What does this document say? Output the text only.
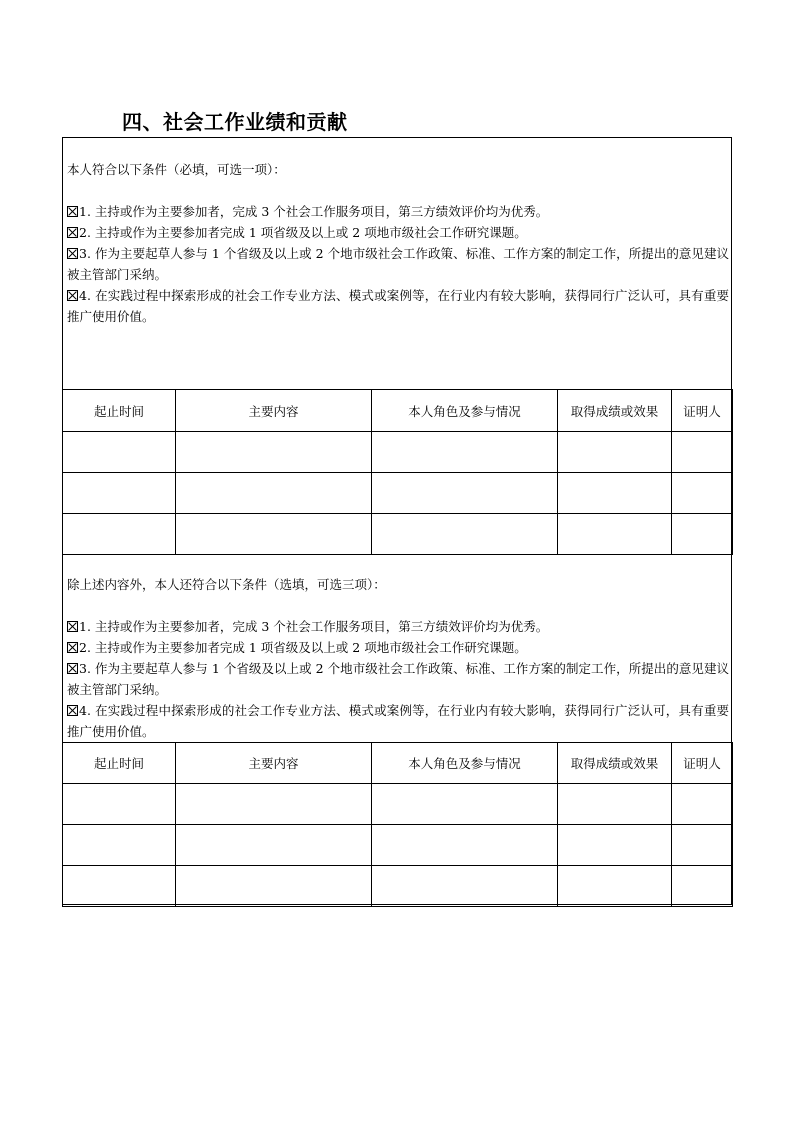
四、社会工作业绩和贡献

本人符合以下条件（必填，可选一项）：

1. 主持或作为主要参加者，完成 3 个社会工作服务项目，第三方绩效评价均为优秀。

2. 主持或作为主要参加者完成 1 项省级及以上或 2 项地市级社会工作研究课题。

3. 作为主要起草人参与 1 个省级及以上或 2 个地市级社会工作政策、标准、工作方案的制定工作，所提出的意见建议被主管部门采纳。

4. 在实践过程中探索形成的社会工作专业方法、模式或案例等，在行业内有较大影响，获得同行广泛认可，具有重要推广使用价值。

起止时间	主要内容	本人角色及参与情况	取得成绩或效果	证明人

除上述内容外，本人还符合以下条件（选填，可选三项）：

1. 主持或作为主要参加者，完成 3 个社会工作服务项目，第三方绩效评价均为优秀。

2. 主持或作为主要参加者完成 1 项省级及以上或 2 项地市级社会工作研究课题。

3. 作为主要起草人参与 1 个省级及以上或 2 个地市级社会工作政策、标准、工作方案的制定工作，所提出的意见建议被主管部门采纳。

4. 在实践过程中探索形成的社会工作专业方法、模式或案例等，在行业内有较大影响，获得同行广泛认可，具有重要推广使用价值。

起止时间	主要内容	本人角色及参与情况	取得成绩或效果	证明人
